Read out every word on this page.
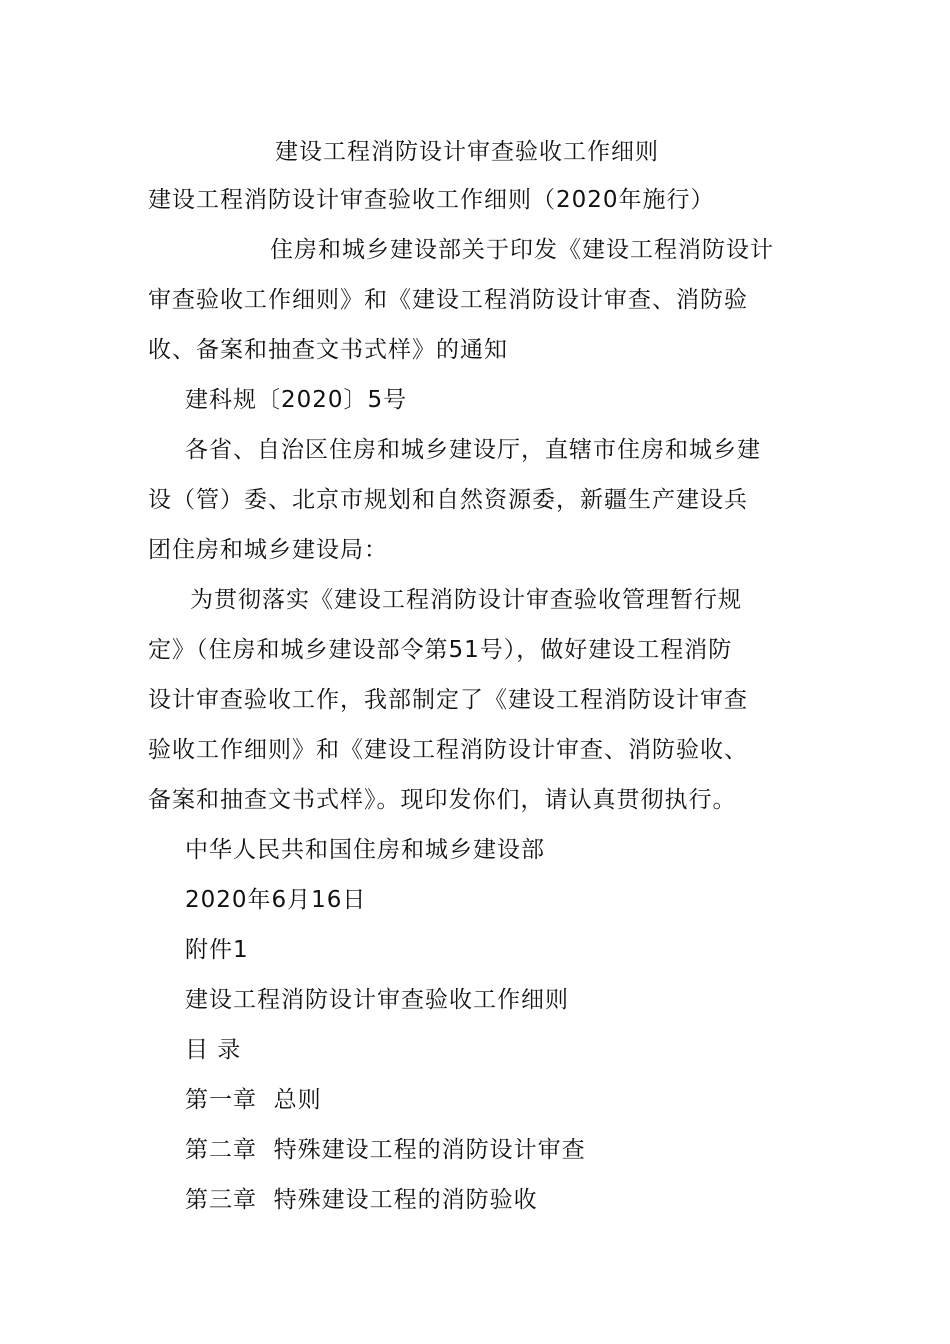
建设工程消防设计审查验收工作细则
建设工程消防设计审查验收工作细则（2020年施行）
住房和城乡建设部关于印发《建设工程消防设计
审查验收工作细则》和《建设工程消防设计审查、消防验
收、备案和抽查文书式样》的通知
建科规〔2020〕5号
各省、自治区住房和城乡建设厅，直辖市住房和城乡建
设（管）委、北京市规划和自然资源委，新疆生产建设兵
团住房和城乡建设局：
为贯彻落实《建设工程消防设计审查验收管理暂行规
定》（住房和城乡建设部令第51号），做好建设工程消防
设计审查验收工作，我部制定了《建设工程消防设计审查
验收工作细则》和《建设工程消防设计审查、消防验收、
备案和抽查文书式样》。现印发你们，请认真贯彻执行。
中华人民共和国住房和城乡建设部
2020年6月16日
附件1
建设工程消防设计审查验收工作细则
目 录
第一章  总则
第二章  特殊建设工程的消防设计审查
第三章  特殊建设工程的消防验收
